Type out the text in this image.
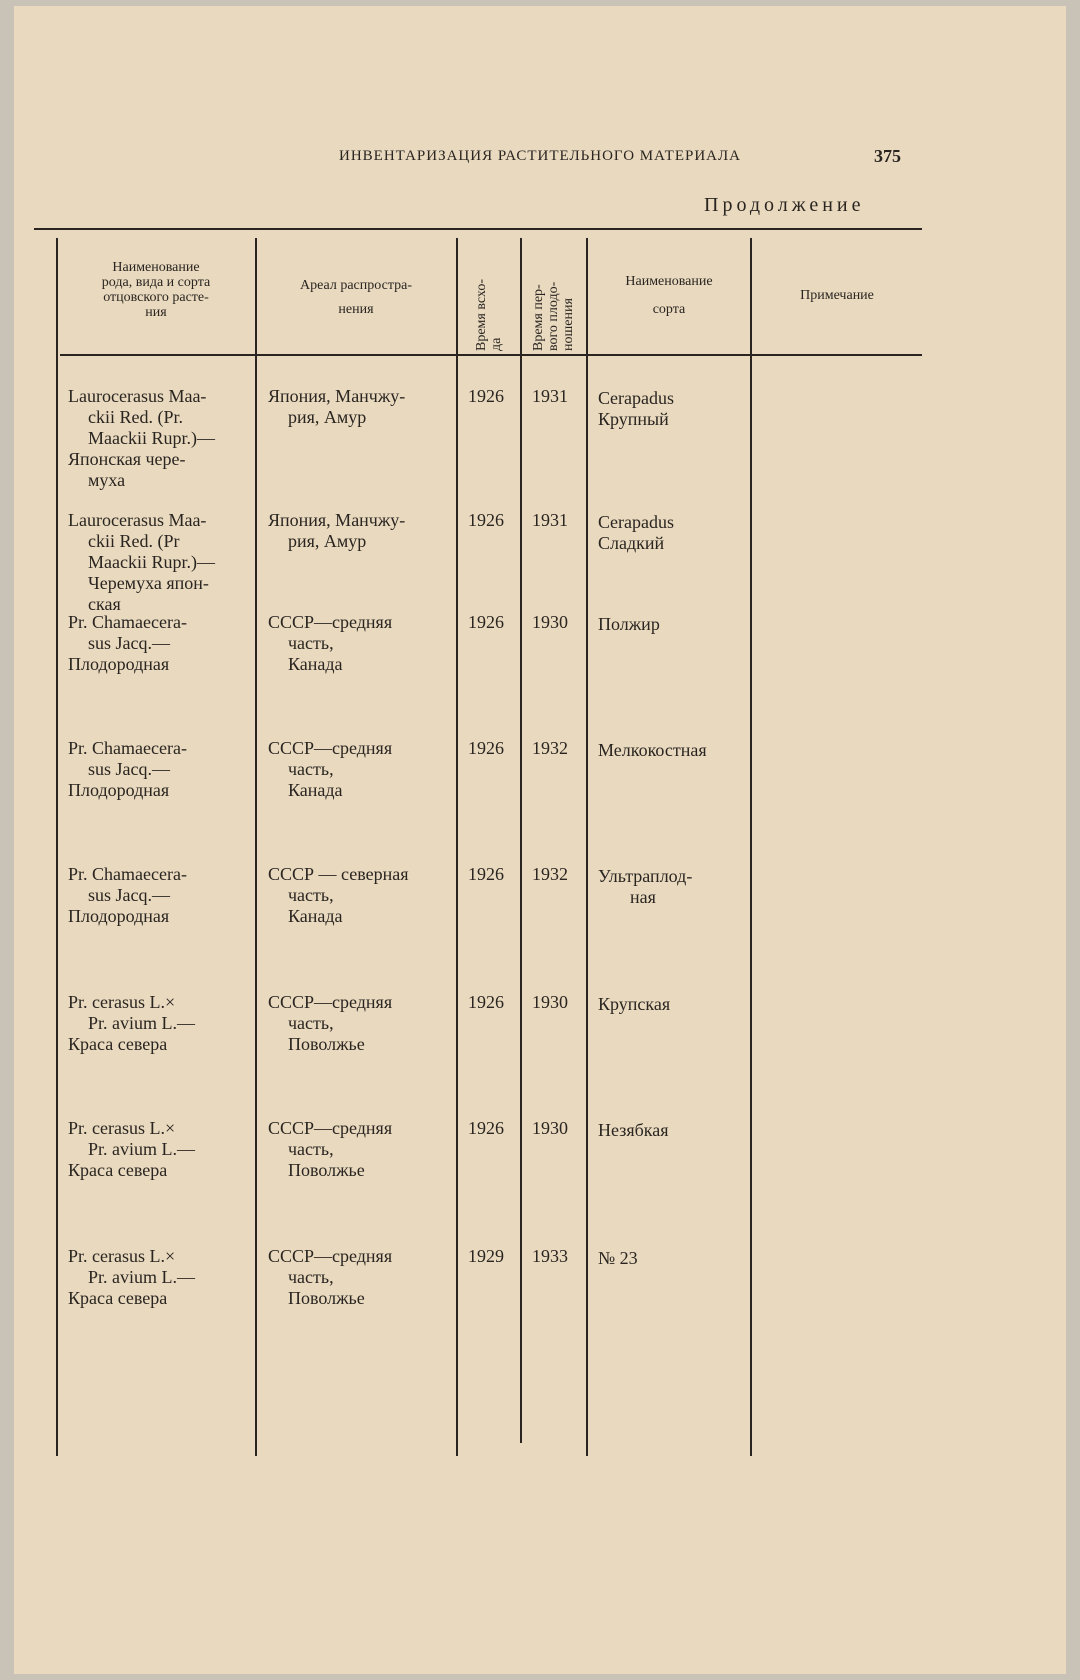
ИНВЕНТАРИЗАЦИЯ РАСТИТЕЛЬНОГО МАТЕРИАЛА	375
Продолжение
Наименование
рода, вида и сорта
отцовского расте-
ния
Ареал распростра-
нения	Время всхо- да Время пер- вого плодо- ношения
Наименование
сорта
Примечание
Laurocerasus Maa-
ckii Red. (Pr.
Maackii Rupr.)—
Японская чере-
муха
Япония, Манчжу-
рия, Амур
1926 1931 Cerapadus
Крупный
Laurocerasus Maa-
ckii Red. (Pr
Maackii Rupr.)—
Черемуха япон-
ская
Япония, Манчжу-
рия, Амур
1926 1931 Cerapadus
Сладкий
Pr. Chamaecera-
sus Jacq.—
Плодородная
СССР—средняя
часть,
Канада
1926 1930 Полжир
Pr. Chamaecera-
sus Jacq.—
Плодородная
СССР—средняя
часть,
Канада
1926 1932 Мелкокостная
Pr. Chamaecera-
sus Jacq.—
Плодородная
СССР — северная
часть,
Канада
1926 1932 Ультраплод-
ная
Pr. cerasus L.×
Pr. avium L.—
Краса севера
СССР—средняя
часть,
Поволжье
1926 1930 Крупская
Pr. cerasus L.×
Pr. avium L.—
Краса севера
СССР—средняя
часть,
Поволжье
1926 1930 Незябкая
Pr. cerasus L.×
Pr. avium L.—
Краса севера
СССР—средняя
часть,
Поволжье
1929 1933 № 23
